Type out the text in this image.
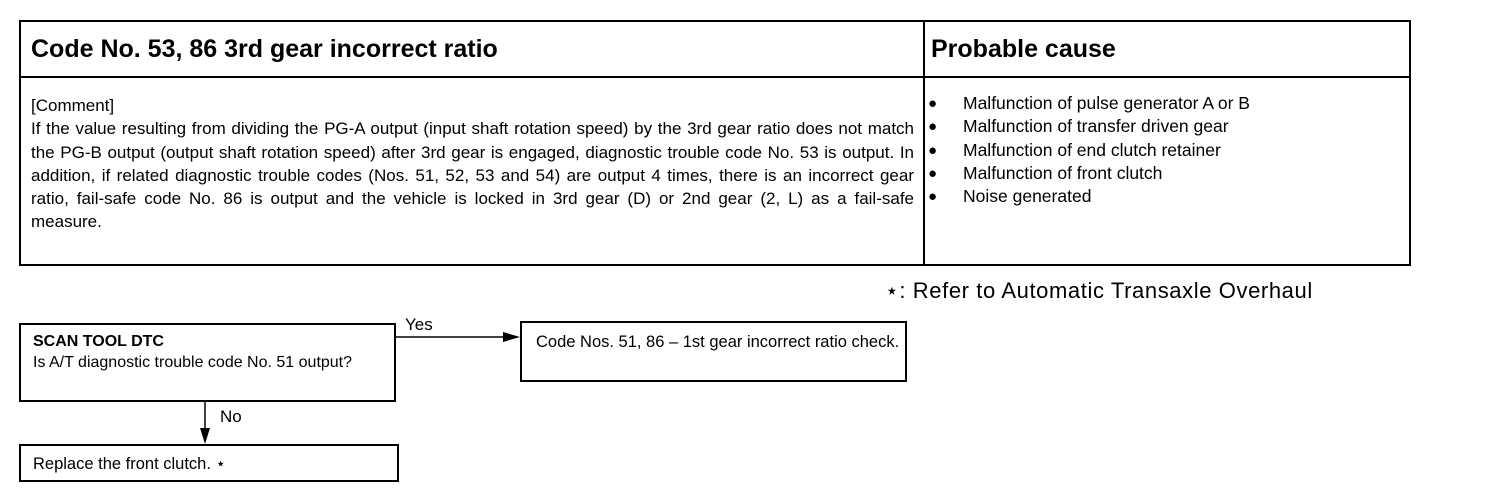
Code No. 53, 86 3rd gear incorrect ratio	Probable cause
[Comment]
If the value resulting from dividing the PG-A output (input shaft rotation speed) by the 3rd gear ratio does not match the PG-B output (output shaft rotation speed) after 3rd gear is engaged, diagnostic trouble code No. 53 is output. In addition, if related diagnostic trouble codes (Nos. 51, 52, 53 and 54) are output 4 times, there is an incorrect gear ratio, fail-safe code No. 86 is output and the vehicle is locked in 3rd gear (D) or 2nd gear (2, L) as a fail-safe measure.
● Malfunction of pulse generator A or B
● Malfunction of transfer driven gear
● Malfunction of end clutch retainer
● Malfunction of front clutch
● Noise generated
⋆: Refer to Automatic Transaxle Overhaul
SCAN TOOL DTC
Is A/T diagnostic trouble code No. 51 output?
Yes
No
Code Nos. 51, 86 – 1st gear incorrect ratio check.
Replace the front clutch. ⋆
